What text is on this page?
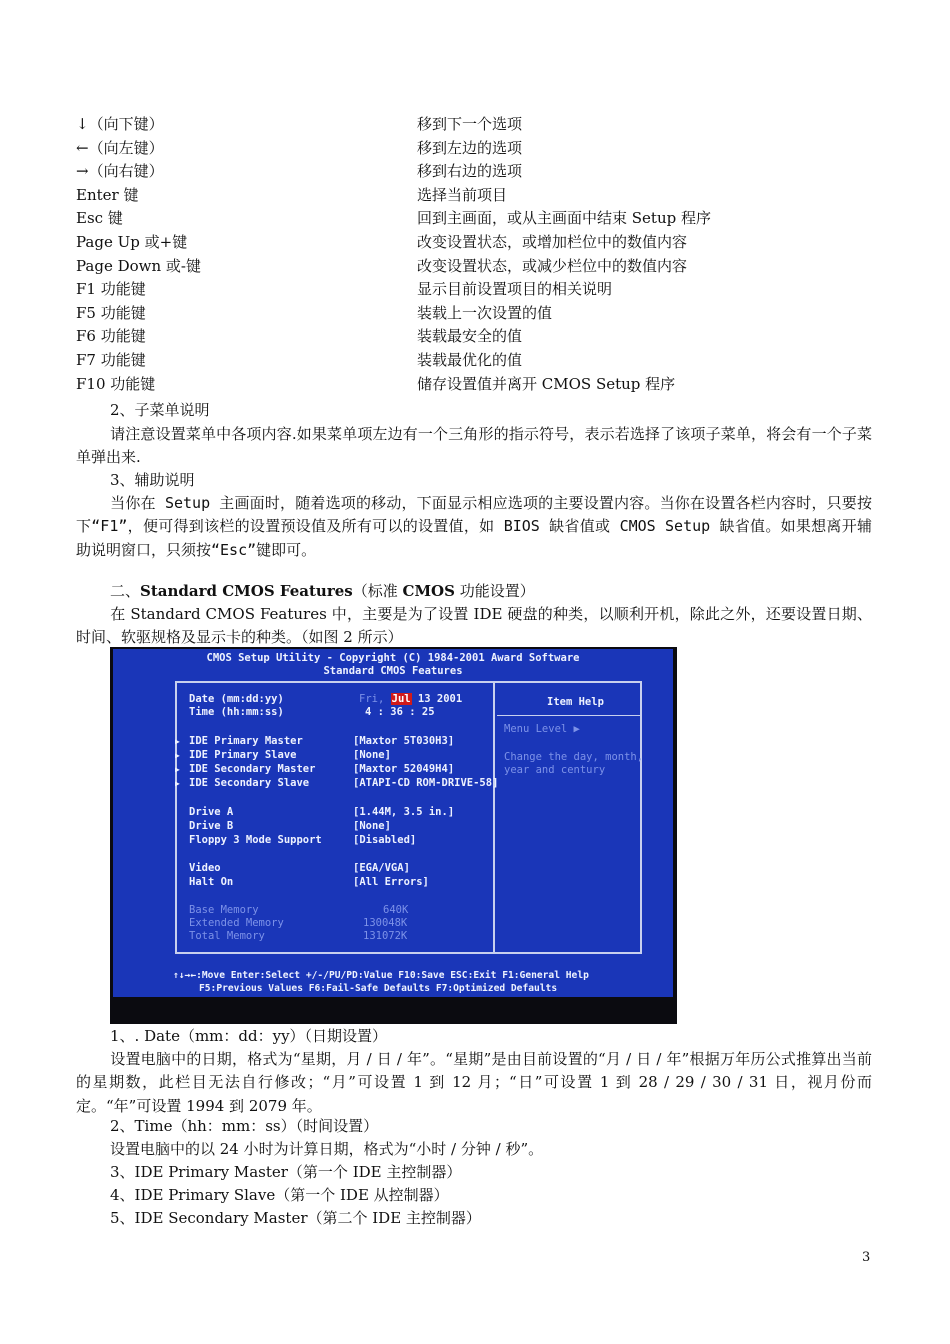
↓（向下键）	移到下一个选项
←（向左键）	移到左边的选项
→（向右键）	移到右边的选项
Enter 键	选择当前项目
Esc 键	回到主画面，或从主画面中结束 Setup 程序
Page Up 或+键	改变设置状态，或增加栏位中的数值内容
Page Down 或-键	改变设置状态，或减少栏位中的数值内容
F1 功能键	显示目前设置项目的相关说明
F5 功能键	装载上一次设置的值
F6 功能键	装载最安全的值
F7 功能键	装载最优化的值
F10 功能键	储存设置值并离开 CMOS Setup 程序
2、子菜单说明
请注意设置菜单中各项内容.如果菜单项左边有一个三角形的指示符号，表示若选择了该项子菜单，将会有一个子菜单弹出来.
3、辅助说明
当你在 Setup 主画面时，随着选项的移动，下面显示相应选项的主要设置内容。当你在设置各栏内容时，只要按下“F1”，便可得到该栏的设置预设值及所有可以的设置值，如 BIOS 缺省值或 CMOS Setup 缺省值。如果想离开辅助说明窗口，只须按“Esc”键即可。
二、Standard CMOS Features（标准 CMOS 功能设置）
在 Standard CMOS Features 中，主要是为了设置 IDE 硬盘的种类，以顺利开机，除此之外，还要设置日期、时间、软驱规格及显示卡的种类。（如图 2 所示）
CMOS Setup Utility - Copyright (C) 1984-2001 Award Software
Standard CMOS Features
Date (mm:dd:yy)	Fri, Jul 13 2001
Time (hh:mm:ss)	4 : 36 : 25
▶ IDE Primary Master	[Maxtor 5T030H3]
▶ IDE Primary Slave	[None]
▶ IDE Secondary Master	[Maxtor 52049H4]
▶ IDE Secondary Slave	[ATAPI-CD ROM-DRIVE-58]
Drive A	[1.44M, 3.5 in.]
Drive B	[None]
Floppy 3 Mode Support	[Disabled]
Video	[EGA/VGA]
Halt On	[All Errors]
Base Memory	640K
Extended Memory	130048K
Total Memory	131072K
Item Help
Menu Level ▶
Change the day, month,
year and century
↑↓→←:Move Enter:Select +/-/PU/PD:Value F10:Save ESC:Exit F1:General Help
F5:Previous Values F6:Fail-Safe Defaults F7:Optimized Defaults
1、. Date（mm：dd：yy）（日期设置）
设置电脑中的日期，格式为“星期，月 / 日 / 年”。“星期”是由目前设置的“月 / 日 / 年”根据万年历公式推算出当前的星期数，此栏目无法自行修改；“月”可设置 1 到 12 月；“日”可设置 1 到 28 / 29 / 30 / 31 日，视月份而定。“年”可设置 1994 到 2079 年。
2、Time（hh：mm：ss）（时间设置）
设置电脑中的以 24 小时为计算日期，格式为“小时 / 分钟 / 秒”。
3、IDE Primary Master（第一个 IDE 主控制器）
4、IDE Primary Slave（第一个 IDE 从控制器）
5、IDE Secondary Master（第二个 IDE 主控制器）
3
